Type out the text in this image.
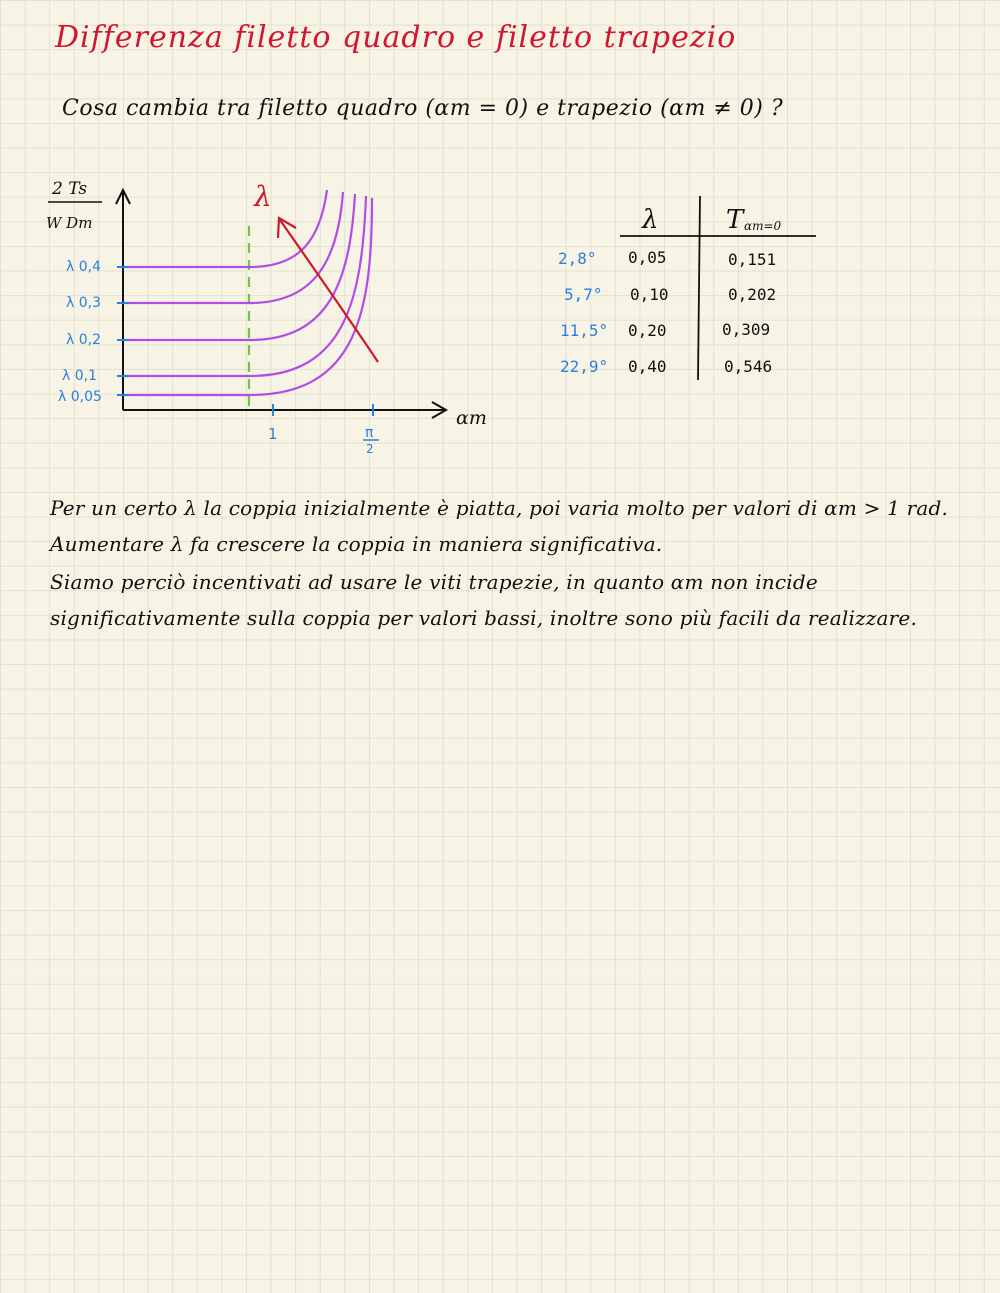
Differenza filetto quadro e filetto trapezio
Cosa cambia tra filetto quadro (αm = 0) e trapezio (αm ≠ 0) ?
2 Ts
W Dm
αm
1	π
2
λ 0,4
λ 0,3
λ 0,2
λ 0,1
λ 0,05
λ
λ	T αm=0
2,8° 0,05	0,151
5,7° 0,10	0,202
11,5° 0,20	0,309
22,9° 0,40	0,546
Per un certo λ la coppia inizialmente è piatta, poi varia molto per valori di αm > 1 rad.
Aumentare λ fa crescere la coppia in maniera significativa.
Siamo perciò incentivati ad usare le viti trapezie, in quanto αm non incide
significativamente sulla coppia per valori bassi, inoltre sono più facili da realizzare.
